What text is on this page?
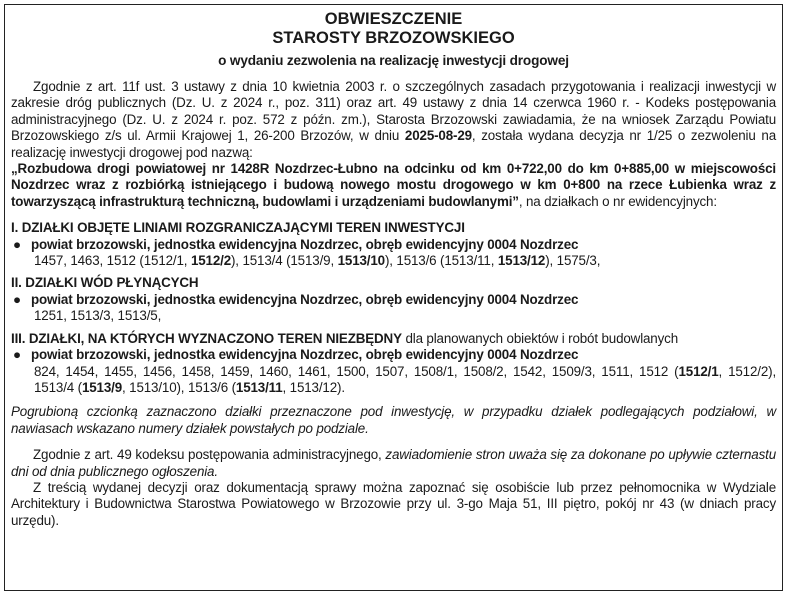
OBWIESZCZENIE
STAROSTY BRZOZOWSKIEGO
o wydaniu zezwolenia na realizację inwestycji drogowej

Zgodnie z art. 11f ust. 3 ustawy z dnia 10 kwietnia 2003 r. o szczególnych zasadach przygotowania i realizacji inwestycji w zakresie dróg publicznych (Dz. U. z 2024 r., poz. 311) oraz art. 49 ustawy z dnia 14 czerwca 1960 r. - Kodeks postępowania administracyjnego (Dz. U. z 2024 r. poz. 572 z późn. zm.), Starosta Brzozowski zawiadamia, że na wniosek Zarządu Powiatu Brzozowskiego z/s ul. Armii Krajowej 1, 26-200 Brzozów, w dniu 2025-08-29, została wydana decyzja nr 1/25 o zezwoleniu na realizację inwestycji drogowej pod nazwą:

„Rozbudowa drogi powiatowej nr 1428R Nozdrzec-Łubno na odcinku od km 0+722,00 do km 0+885,00 w miejscowości Nozdrzec wraz z rozbiórką istniejącego i budową nowego mostu drogowego w km 0+800 na rzece Łubienka wraz z towarzyszącą infrastrukturą techniczną, budowlami i urządzeniami budowlanymi”, na działkach o nr ewidencyjnych:

I. DZIAŁKI OBJĘTE LINIAMI ROZGRANICZAJĄCYMI TEREN INWESTYCJI
● powiat brzozowski, jednostka ewidencyjna Nozdrzec, obręb ewidencyjny 0004 Nozdrzec
1457, 1463, 1512 (1512/1, 1512/2), 1513/4 (1513/9, 1513/10), 1513/6 (1513/11, 1513/12), 1575/3,
II. DZIAŁKI WÓD PŁYNĄCYCH
● powiat brzozowski, jednostka ewidencyjna Nozdrzec, obręb ewidencyjny 0004 Nozdrzec
1251, 1513/3, 1513/5,
III. DZIAŁKI, NA KTÓRYCH WYZNACZONO TEREN NIEZBĘDNY dla planowanych obiektów i robót budowlanych
● powiat brzozowski, jednostka ewidencyjna Nozdrzec, obręb ewidencyjny 0004 Nozdrzec
824, 1454, 1455, 1456, 1458, 1459, 1460, 1461, 1500, 1507, 1508/1, 1508/2, 1542, 1509/3, 1511, 1512 (1512/1, 1512/2), 1513/4 (1513/9, 1513/10), 1513/6 (1513/11, 1513/12).

Pogrubioną czcionką zaznaczono działki przeznaczone pod inwestycję, w przypadku działek podlegających podziałowi, w nawiasach wskazano numery działek powstałych po podziale.

Zgodnie z art. 49 kodeksu postępowania administracyjnego, zawiadomienie stron uważa się za dokonane po upływie czternastu dni od dnia publicznego ogłoszenia.

Z treścią wydanej decyzji oraz dokumentacją sprawy można zapoznać się osobiście lub przez pełnomocnika w Wydziale Architektury i Budownictwa Starostwa Powiatowego w Brzozowie przy ul. 3-go Maja 51, III piętro, pokój nr 43 (w dniach pracy urzędu).
